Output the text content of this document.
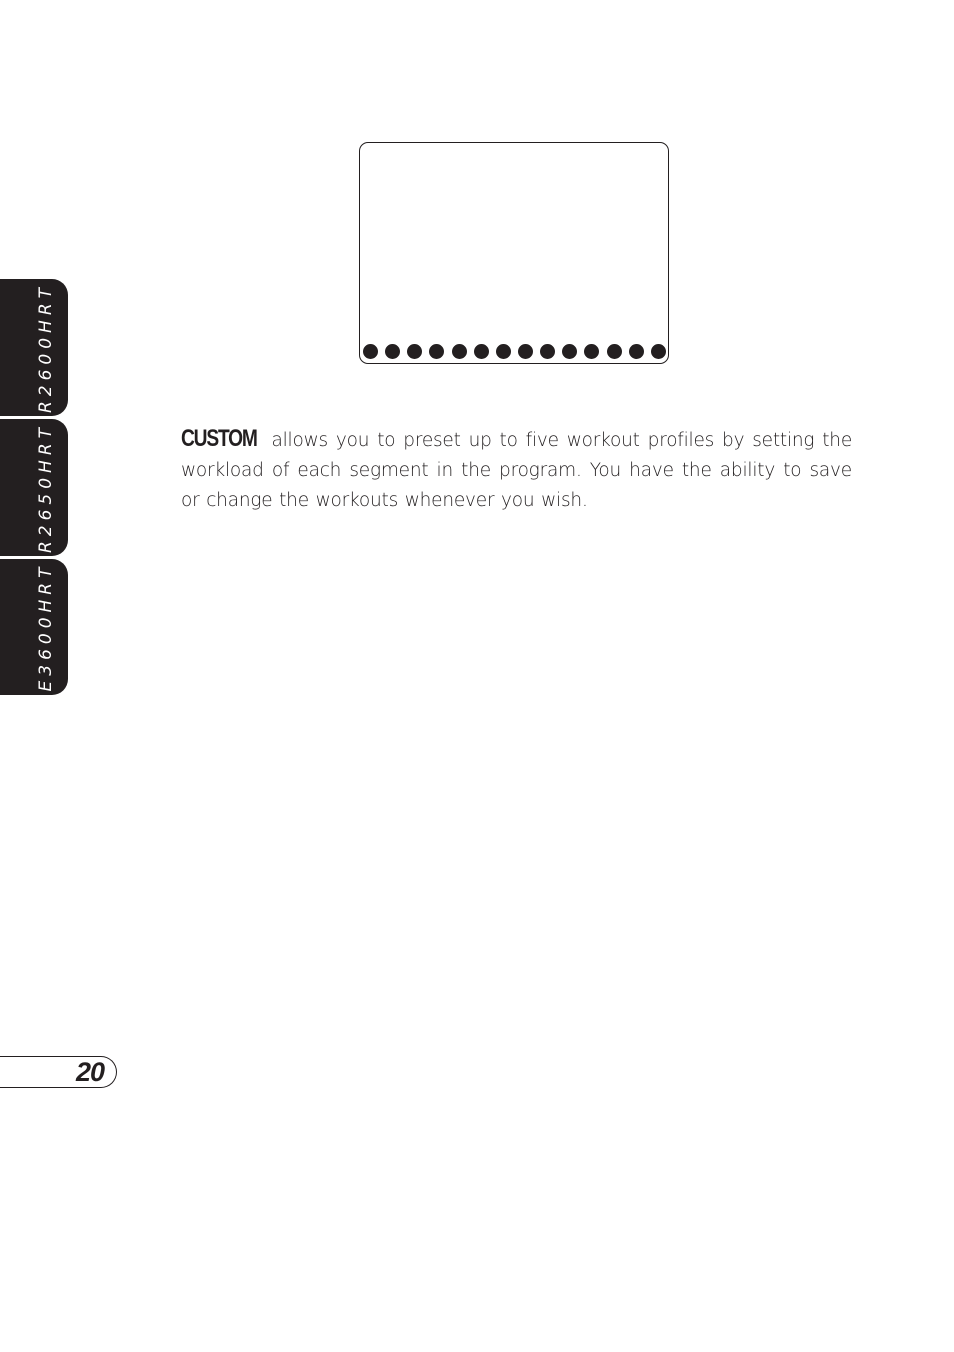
R2600HRT
R2650HRT
E3600HRT

CUSTOM allows you to preset up to five workout profiles by setting the workload of each segment in the program. You have the ability to save or change the workouts whenever you wish.

20
